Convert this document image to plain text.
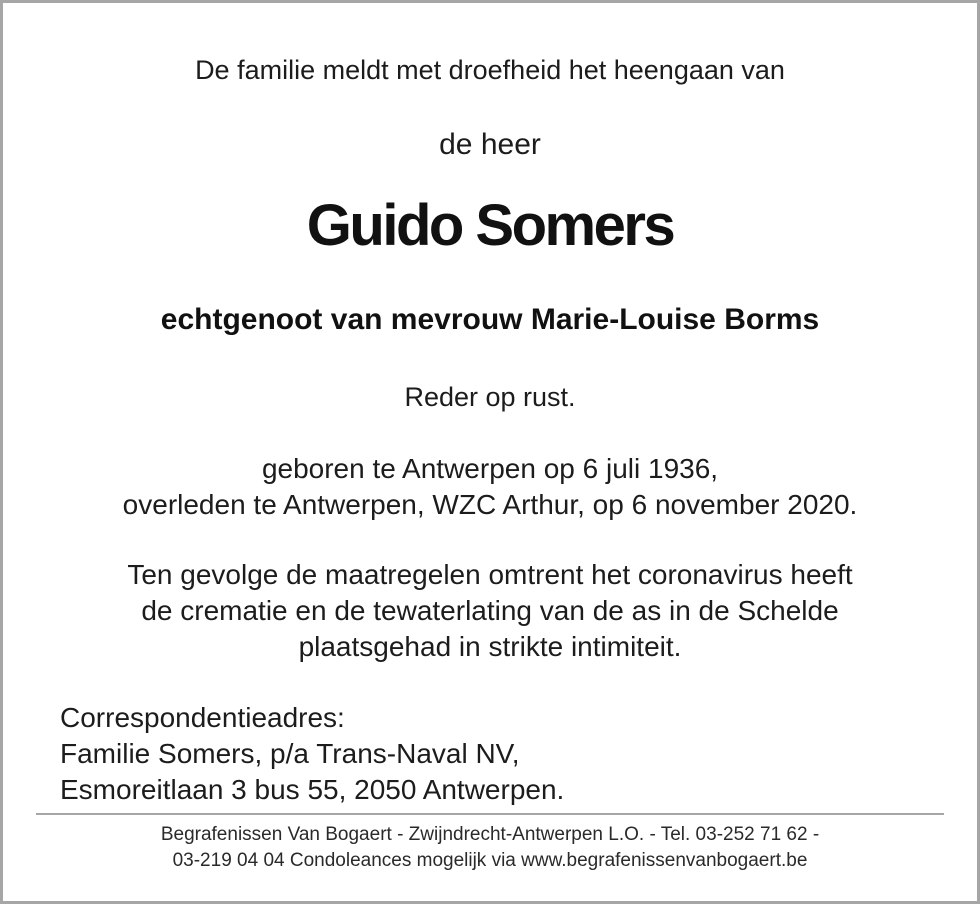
De familie meldt met droefheid het heengaan van
de heer
Guido Somers
echtgenoot van mevrouw Marie-Louise Borms
Reder op rust.
geboren te Antwerpen op 6 juli 1936,
overleden te Antwerpen, WZC Arthur, op 6 november 2020.
Ten gevolge de maatregelen omtrent het coronavirus heeft
de crematie en de tewaterlating van de as in de Schelde
plaatsgehad in strikte intimiteit.
Correspondentieadres:
Familie Somers, p/a Trans-Naval NV,
Esmoreitlaan 3 bus 55, 2050 Antwerpen.
Begrafenissen Van Bogaert - Zwijndrecht-Antwerpen L.O. - Tel. 03-252 71 62 -
03-219 04 04 Condoleances mogelijk via www.begrafenissenvanbogaert.be
